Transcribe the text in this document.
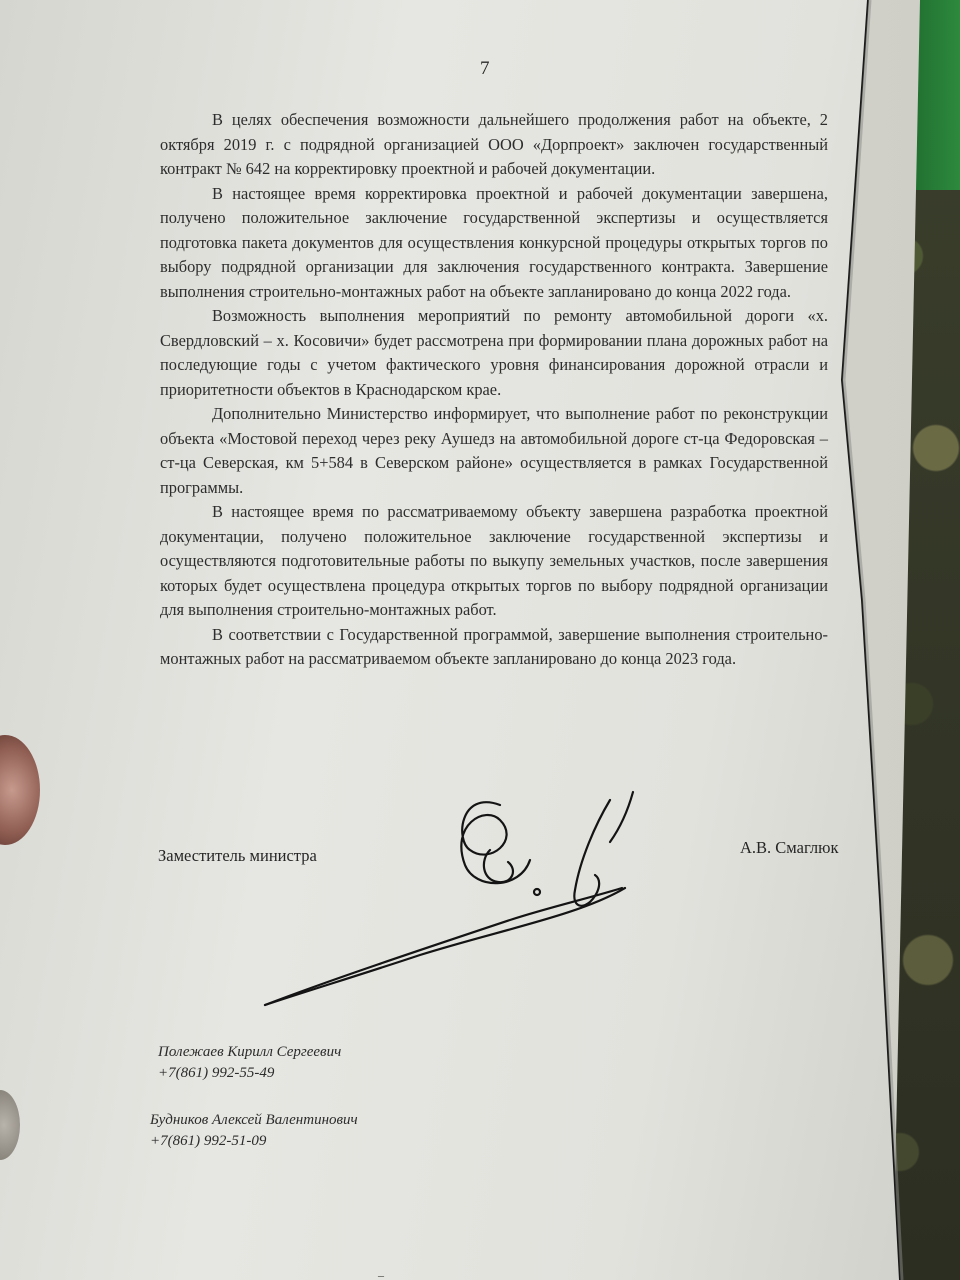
7

В целях обеспечения возможности дальнейшего продолжения работ на объекте, 2 октября 2019 г. с подрядной организацией ООО «Дорпроект» заключен государственный контракт № 642 на корректировку проектной и рабочей документации.

В настоящее время корректировка проектной и рабочей документации завершена, получено положительное заключение государственной экспертизы и осуществляется подготовка пакета документов для осуществления конкурсной процедуры открытых торгов по выбору подрядной организации для заключения государственного контракта. Завершение выполнения строительно-монтажных работ на объекте запланировано до конца 2022 года.

Возможность выполнения мероприятий по ремонту автомобильной дороги «х. Свердловский – х. Косовичи» будет рассмотрена при формировании плана дорожных работ на последующие годы с учетом фактического уровня финансирования дорожной отрасли и приоритетности объектов в Краснодарском крае.

Дополнительно Министерство информирует, что выполнение работ по реконструкции объекта «Мостовой переход через реку Аушедз на автомобильной дороге ст-ца Федоровская – ст-ца Северская, км 5+584 в Северском районе» осуществляется в рамках Государственной программы.

В настоящее время по рассматриваемому объекту завершена разработка проектной документации, получено положительное заключение государственной экспертизы и осуществляются подготовительные работы по выкупу земельных участков, после завершения которых будет осуществлена процедура открытых торгов по выбору подрядной организации для выполнения строительно-монтажных работ.

В соответствии с Государственной программой, завершение выполнения строительно-монтажных работ на рассматриваемом объекте запланировано до конца 2023 года.

Заместитель министра	А.В. Смаглюк
Полежаев Кирилл Сергеевич
+7(861) 992-55-49
Будников Алексей Валентинович
+7(861) 992-51-09
–
